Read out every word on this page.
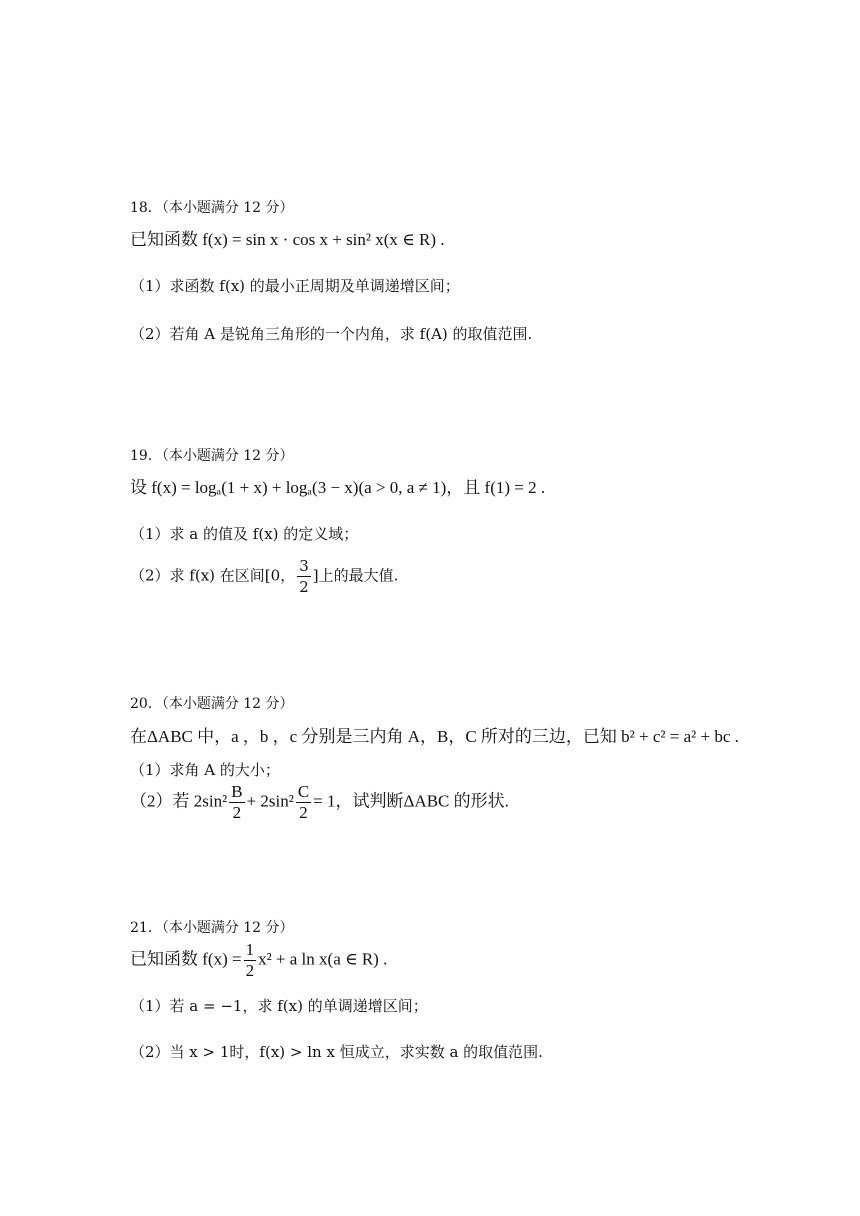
18．（本小题满分 12 分）
已知函数 f(x) = sin x · cos x + sin² x(x ∈ R) .
（1）求函数 f(x) 的最小正周期及单调递增区间；
（2）若角 A 是锐角三角形的一个内角，求 f(A) 的取值范围.
19．（本小题满分 12 分）
设 f(x) = logₐ(1 + x) + logₐ(3 − x)(a > 0, a ≠ 1)，且 f(1) = 2 .
（1）求 a 的值及 f(x) 的定义域；
（2）求 f(x) 在区间[0， $\frac{3}{2}$ ]上的最大值.
20．（本小题满分 12 分）
在ΔABC 中，a ，b ，c 分别是三内角 A，B，C 所对的三边，已知 b² + c² = a² + bc .
（1）求角 A 的大小；
（2）若 $2\sin^2 \frac{B}{2} + 2\sin^2 \frac{C}{2} = 1$，试判断ΔABC 的形状.
21．（本小题满分 12 分）
已知函数 $f(x) = \frac{1}{2} x^2 + a$ ln x(a ∈ R) .
（1）若 a = −1，求 f(x) 的单调递增区间；
（2）当 x > 1时，f(x) > ln x 恒成立，求实数 a 的取值范围.
